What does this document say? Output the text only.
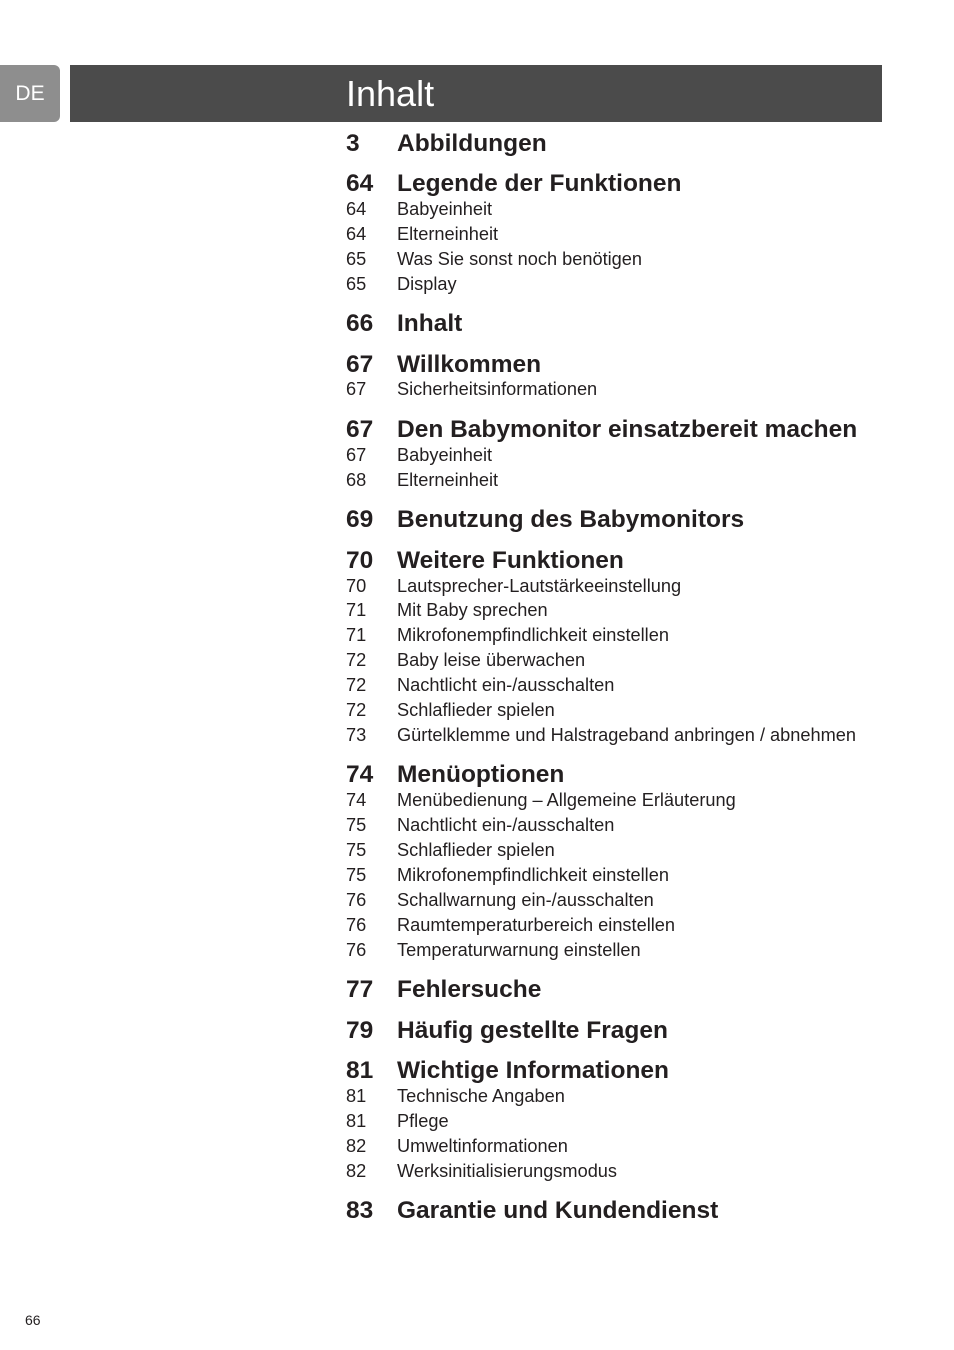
DE	Inhalt
3	Abbildungen
64 Legende der Funktionen
64	Babyeinheit
64	Elterneinheit
65	Was Sie sonst noch benötigen
65	Display
66 Inhalt
67 Willkommen
67	Sicherheitsinformationen
67 Den Babymonitor einsatzbereit machen
67	Babyeinheit
68	Elterneinheit
69 Benutzung des Babymonitors
70 Weitere Funktionen
70	Lautsprecher-Lautstärkeeinstellung
71	Mit Baby sprechen
71	Mikrofonempfindlichkeit einstellen
72	Baby leise überwachen
72	Nachtlicht ein-/ausschalten
72	Schlaflieder spielen
73	Gürtelklemme und Halstrageband anbringen / abnehmen
74 Menüoptionen
74	Menübedienung – Allgemeine Erläuterung
75	Nachtlicht ein-/ausschalten
75	Schlaflieder spielen
75	Mikrofonempfindlichkeit einstellen
76	Schallwarnung ein-/ausschalten
76	Raumtemperaturbereich einstellen
76	Temperaturwarnung einstellen
77 Fehlersuche
79 Häufig gestellte Fragen
81 Wichtige Informationen
81	Technische Angaben
81	Pflege
82	Umweltinformationen
82	Werksinitialisierungsmodus
83 Garantie und Kundendienst
66
